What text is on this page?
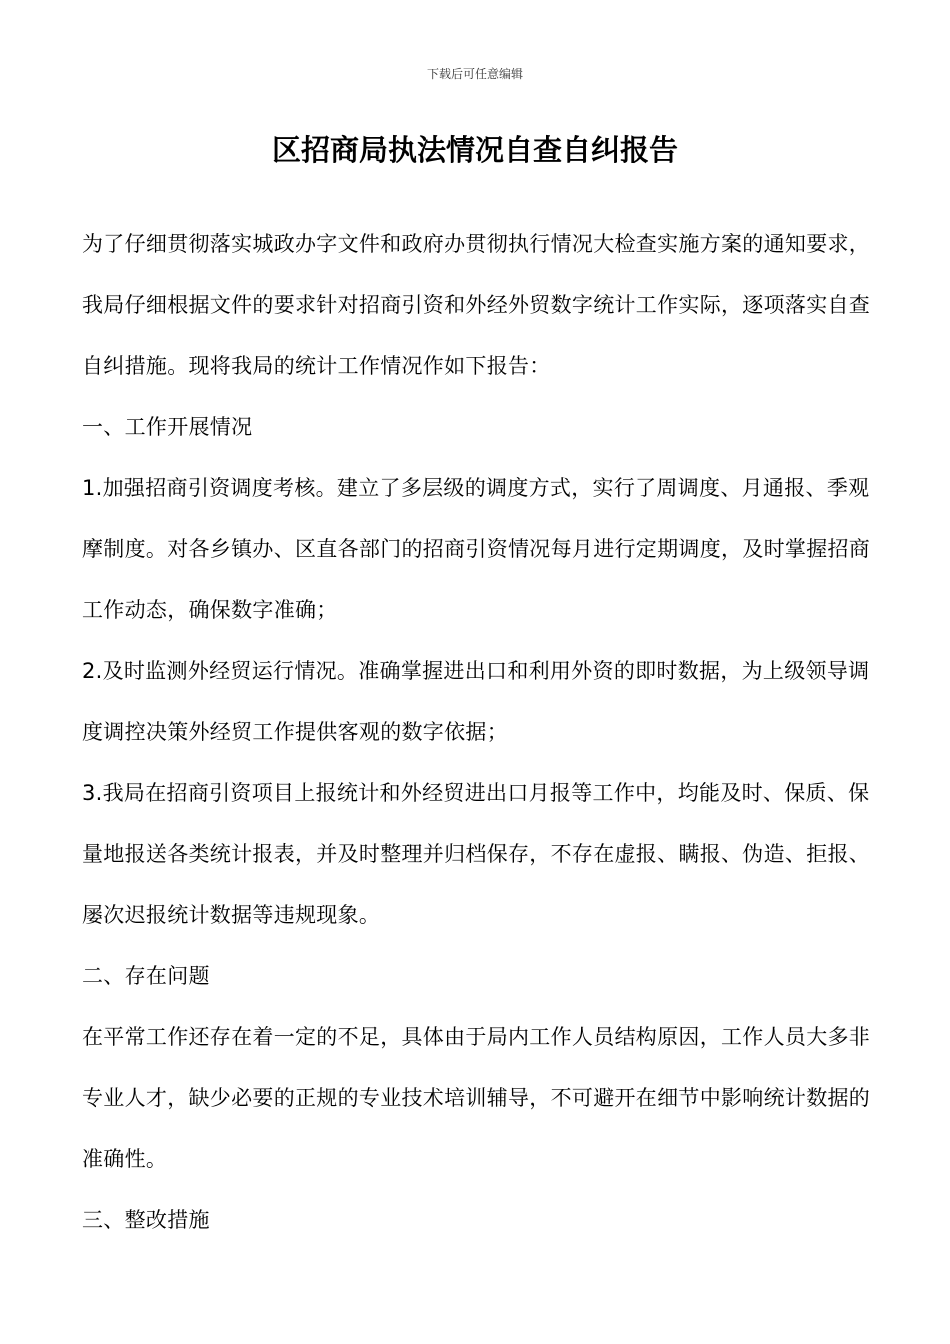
下载后可任意编辑
区招商局执法情况自查自纠报告

为了仔细贯彻落实城政办字文件和政府办贯彻执行情况大检查实施方案的通知要求，我局仔细根据文件的要求针对招商引资和外经外贸数字统计工作实际，逐项落实自查自纠措施。现将我局的统计工作情况作如下报告：

一、工作开展情况

1.加强招商引资调度考核。建立了多层级的调度方式，实行了周调度、月通报、季观摩制度。对各乡镇办、区直各部门的招商引资情况每月进行定期调度，及时掌握招商工作动态，确保数字准确；

2.及时监测外经贸运行情况。准确掌握进出口和利用外资的即时数据，为上级领导调度调控决策外经贸工作提供客观的数字依据；

3.我局在招商引资项目上报统计和外经贸进出口月报等工作中，均能及时、保质、保量地报送各类统计报表，并及时整理并归档保存，不存在虚报、瞒报、伪造、拒报、屡次迟报统计数据等违规现象。

二、存在问题

在平常工作还存在着一定的不足，具体由于局内工作人员结构原因，工作人员大多非专业人才，缺少必要的正规的专业技术培训辅导，不可避开在细节中影响统计数据的准确性。

三、整改措施
